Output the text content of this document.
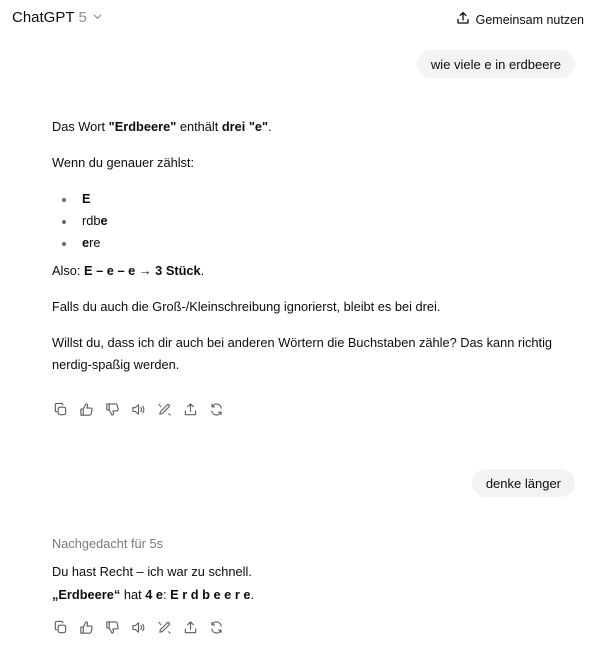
ChatGPT 5	Gemeinsam nutzen
wie viele e in erdbeere

Das Wort "Erdbeere" enthält drei "e".

Wenn du genauer zählst:

E
rdbe
ere

Also: E – e – e → 3 Stück.

Falls du auch die Groß-/Kleinschreibung ignorierst, bleibt es bei drei.

Willst du, dass ich dir auch bei anderen Wörtern die Buchstaben zähle? Das kann richtig nerdig-spaßig werden.

denke länger
Nachgedacht für 5s

Du hast Recht – ich war zu schnell.

„Erdbeere“ hat 4 e: E r d b e e r e.
